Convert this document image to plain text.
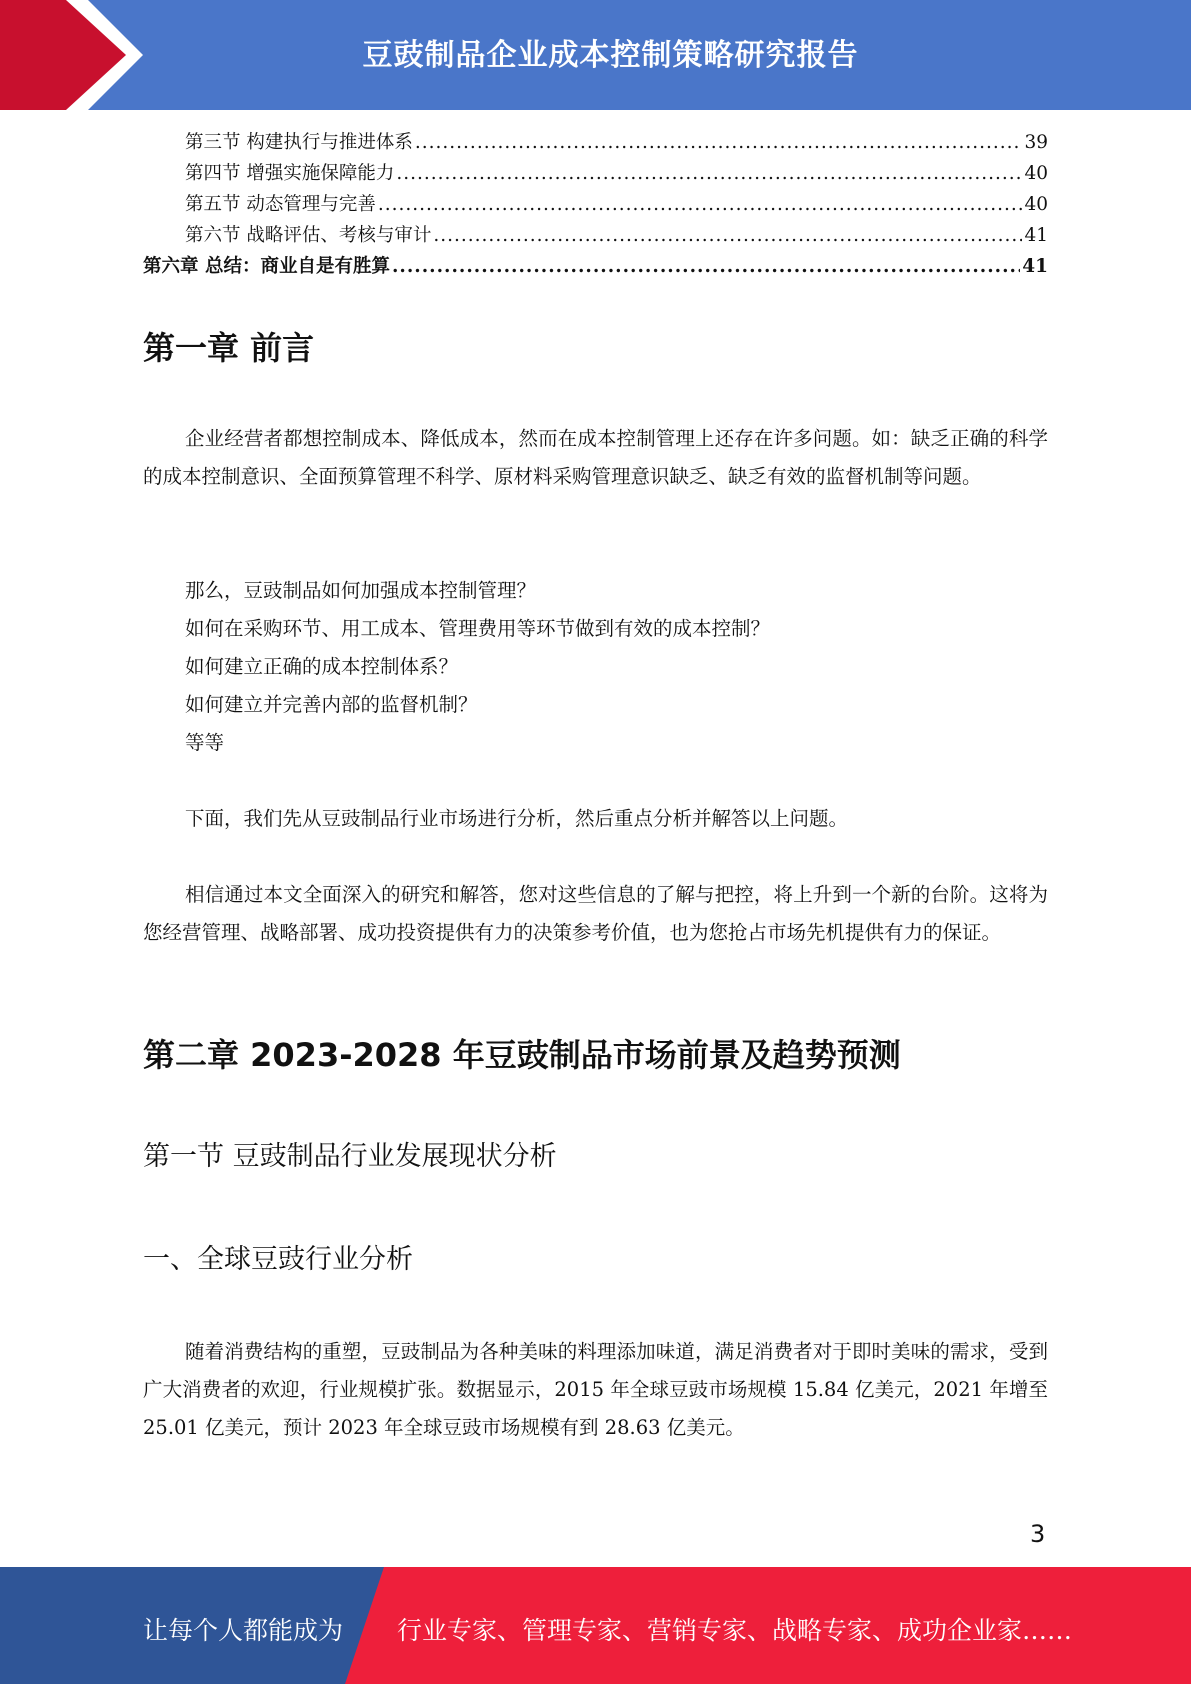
豆豉制品企业成本控制策略研究报告
第三节 构建执行与推进体系 .....	39
第四节 增强实施保障能力 .....	40
第五节 动态管理与完善 .....	40
第六节 战略评估、考核与审计 .....	41
第六章 总结：商业自是有胜算 .....	41
第一章 前言

企业经营者都想控制成本、降低成本，然而在成本控制管理上还存在许多问题。如：缺乏正确的科学的成本控制意识、全面预算管理不科学、原材料采购管理意识缺乏、缺乏有效的监督机制等问题。

那么，豆豉制品如何加强成本控制管理？
如何在采购环节、用工成本、管理费用等环节做到有效的成本控制？
如何建立正确的成本控制体系？
如何建立并完善内部的监督机制？
等等

下面，我们先从豆豉制品行业市场进行分析，然后重点分析并解答以上问题。

相信通过本文全面深入的研究和解答，您对这些信息的了解与把控，将上升到一个新的台阶。这将为您经营管理、战略部署、成功投资提供有力的决策参考价值，也为您抢占市场先机提供有力的保证。

第二章 2023-2028 年豆豉制品市场前景及趋势预测
第一节 豆豉制品行业发展现状分析
一、全球豆豉行业分析

随着消费结构的重塑，豆豉制品为各种美味的料理添加味道，满足消费者对于即时美味的需求，受到广大消费者的欢迎，行业规模扩张。数据显示，2015 年全球豆豉市场规模 15.84 亿美元，2021 年增至 25.01 亿美元，预计 2023 年全球豆豉市场规模有到 28.63 亿美元。

3
让每个人都能成为 行业专家、管理专家、营销专家、战略专家、成功企业家……
